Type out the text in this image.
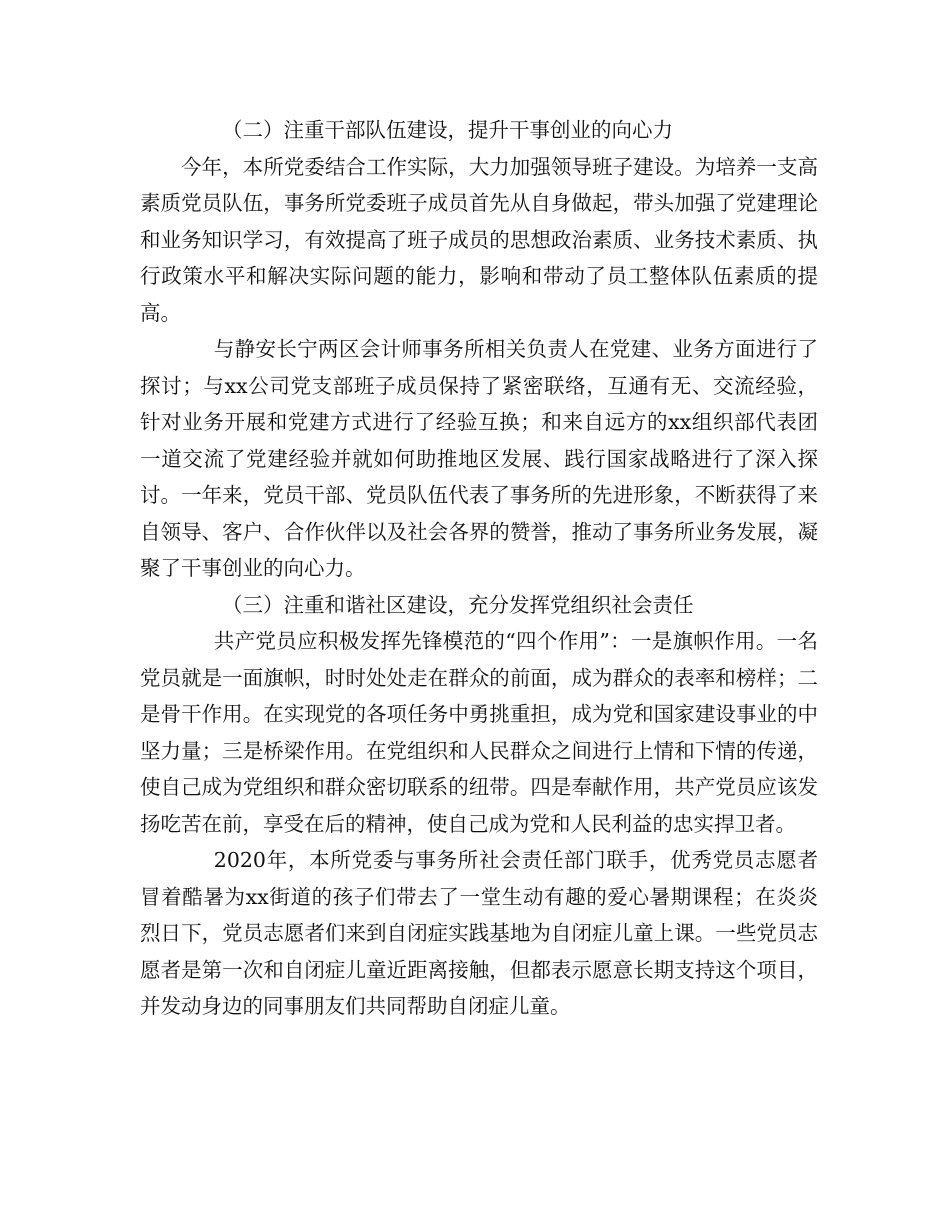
（二）注重干部队伍建设，提升干事创业的向心力

今年，本所党委结合工作实际，大力加强领导班子建设。为培养一支高素质党员队伍，事务所党委班子成员首先从自身做起，带头加强了党建理论和业务知识学习，有效提高了班子成员的思想政治素质、业务技术素质、执行政策水平和解决实际问题的能力，影响和带动了员工整体队伍素质的提高。

与静安长宁两区会计师事务所相关负责人在党建、业务方面进行了探讨；与xx公司党支部班子成员保持了紧密联络，互通有无、交流经验，针对业务开展和党建方式进行了经验互换；和来自远方的xx组织部代表团一道交流了党建经验并就如何助推地区发展、践行国家战略进行了深入探讨。一年来，党员干部、党员队伍代表了事务所的先进形象，不断获得了来自领导、客户、合作伙伴以及社会各界的赞誉，推动了事务所业务发展，凝聚了干事创业的向心力。

（三）注重和谐社区建设，充分发挥党组织社会责任

共产党员应积极发挥先锋模范的“四个作用”：一是旗帜作用。一名党员就是一面旗帜，时时处处走在群众的前面，成为群众的表率和榜样；二是骨干作用。在实现党的各项任务中勇挑重担，成为党和国家建设事业的中坚力量；三是桥梁作用。在党组织和人民群众之间进行上情和下情的传递，使自己成为党组织和群众密切联系的纽带。四是奉献作用，共产党员应该发扬吃苦在前，享受在后的精神，使自己成为党和人民利益的忠实捍卫者。

2020年，本所党委与事务所社会责任部门联手，优秀党员志愿者冒着酷暑为xx街道的孩子们带去了一堂生动有趣的爱心暑期课程；在炎炎烈日下，党员志愿者们来到自闭症实践基地为自闭症儿童上课。一些党员志愿者是第一次和自闭症儿童近距离接触，但都表示愿意长期支持这个项目，并发动身边的同事朋友们共同帮助自闭症儿童。
